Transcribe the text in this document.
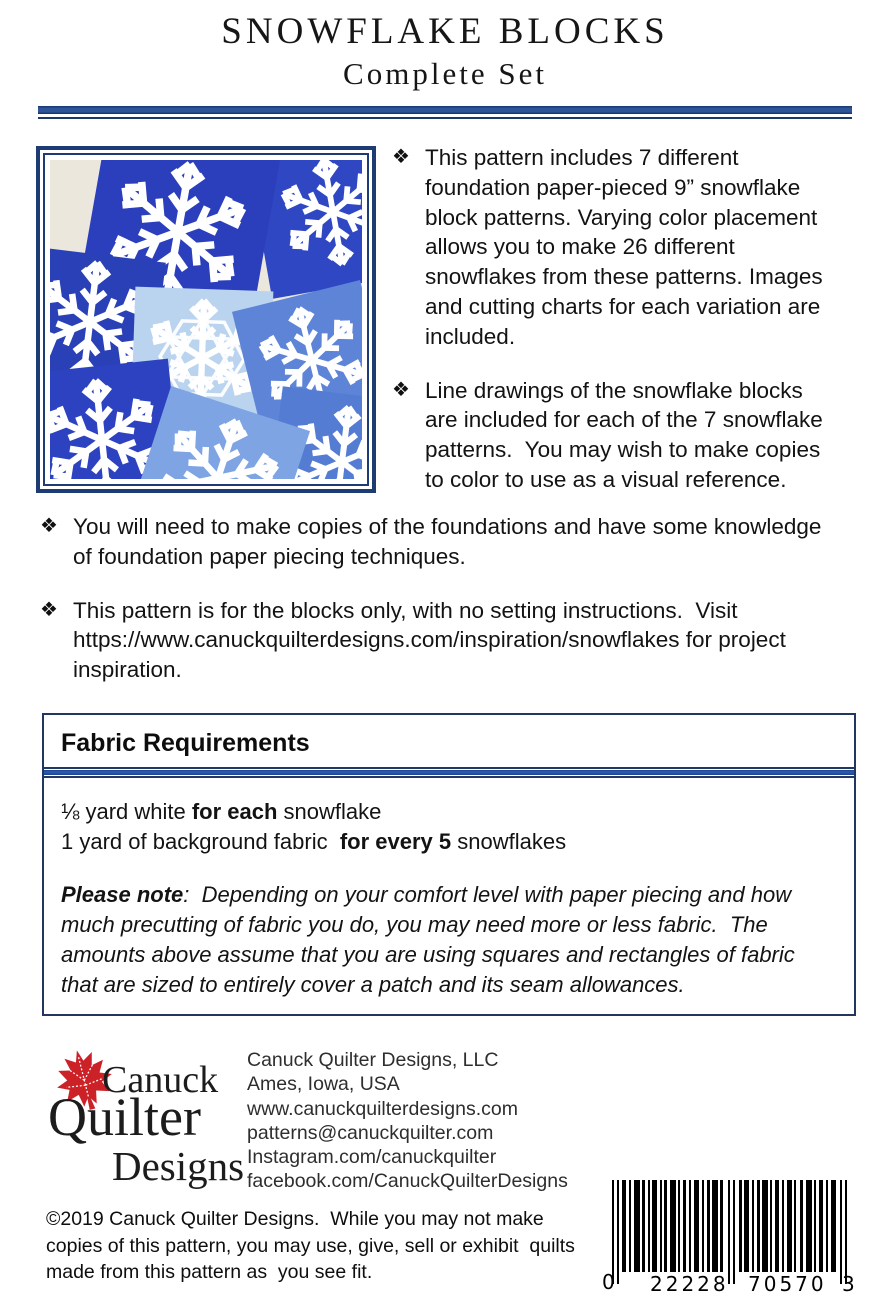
SNOWFLAKE BLOCKS
Complete Set
❖ This pattern includes 7 different
foundation paper-pieced 9” snowflake
block patterns. Varying color placement
allows you to make 26 different
snowflakes from these patterns. Images
and cutting charts for each variation are
included.
❖ Line drawings of the snowflake blocks
are included for each of the 7 snowflake
patterns.  You may wish to make copies
to color to use as a visual reference.
❖ You will need to make copies of the foundations and have some knowledge
of foundation paper piecing techniques.
❖ This pattern is for the blocks only, with no setting instructions.  Visit
https://www.canuckquilterdesigns.com/inspiration/snowflakes for project
inspiration.
Fabric Requirements
⅛ yard white for each snowflake
1 yard of background fabric  for every 5 snowflakes
Please note:  Depending on your comfort level with paper piecing and how
much precutting of fabric you do, you may need more or less fabric.  The
amounts above assume that you are using squares and rectangles of fabric
that are sized to entirely cover a patch and its seam allowances.
Canuck
Quilter
Designs
Canuck Quilter Designs, LLC
Ames, Iowa, USA
www.canuckquilterdesigns.com
patterns@canuckquilter.com
Instagram.com/canuckquilter
facebook.com/CanuckQuilterDesigns
©2019 Canuck Quilter Designs.  While you may not make
copies of this pattern, you may use, give, sell or exhibit  quilts
made from this pattern as  you see fit.	0 22228 70570 3
